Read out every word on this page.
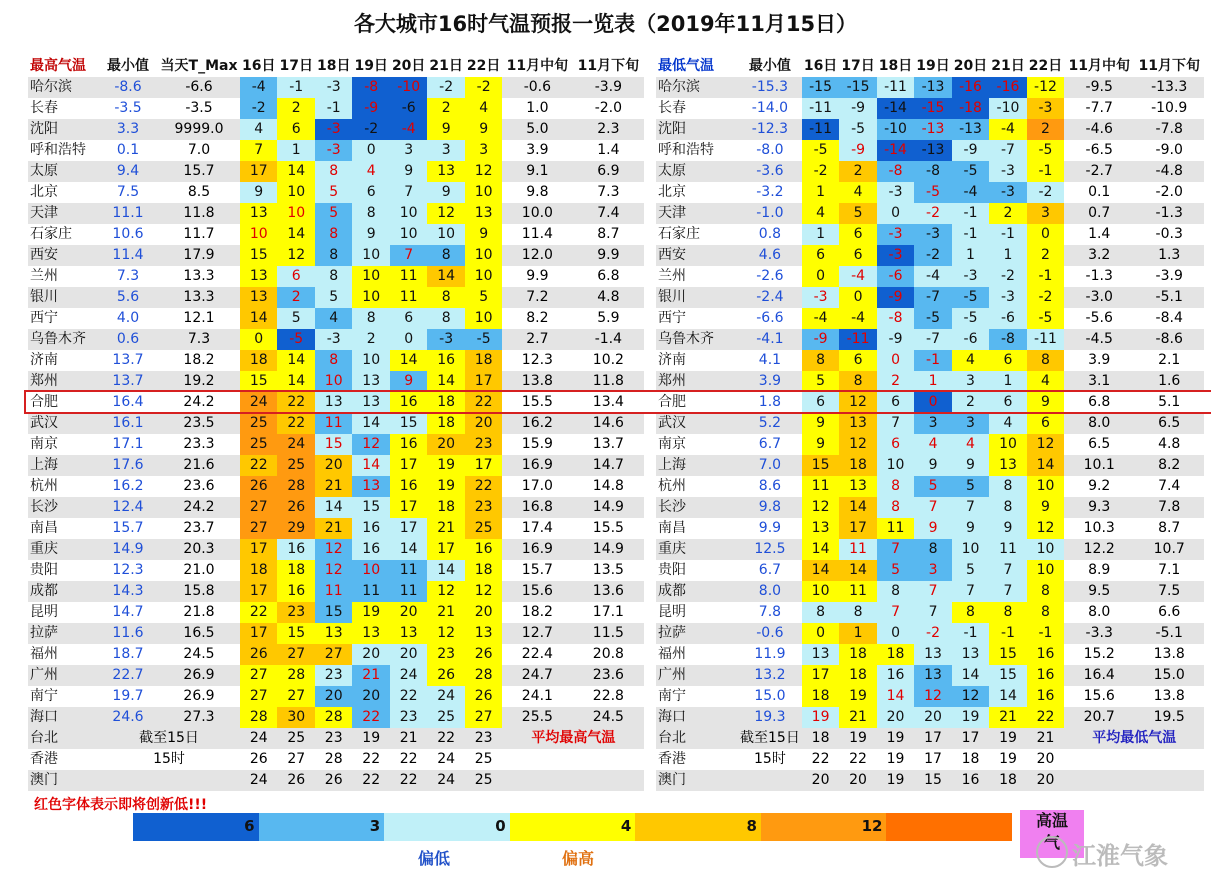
各大城市16时气温预报一览表（2019年11月15日）
最高气温	最小值	当天T_Max	16日	17日	18日	19日	20日	21日	22日	11月中旬	11月下旬
哈尔滨	-8.6	-6.6	-4	-1	-3	-8	-10	-2	-2	-0.6	-3.9
长春	-3.5	-3.5	-2	2	-1	-9	-6	2	4	1.0	-2.0
沈阳	3.3	9999.0	4	6	-3	-2	-4	9	9	5.0	2.3
呼和浩特	0.1	7.0	7	1	-3	0	3	3	3	3.9	1.4
太原	9.4	15.7	17	14	8	4	9	13	12	9.1	6.9
北京	7.5	8.5	9	10	5	6	7	9	10	9.8	7.3
天津	11.1	11.8	13	10	5	8	10	12	13	10.0	7.4
石家庄	10.6	11.7	10	14	8	9	10	10	9	11.4	8.7
西安	11.4	17.9	15	12	8	10	7	8	10	12.0	9.9
兰州	7.3	13.3	13	6	8	10	11	14	10	9.9	6.8
银川	5.6	13.3	13	2	5	10	11	8	5	7.2	4.8
西宁	4.0	12.1	14	5	4	8	6	8	10	8.2	5.9
乌鲁木齐	0.6	7.3	0	-5	-3	2	0	-3	-5	2.7	-1.4
济南	13.7	18.2	18	14	8	10	14	16	18	12.3	10.2
郑州	13.7	19.2	15	14	10	13	9	14	17	13.8	11.8
合肥	16.4	24.2	24	22	13	13	16	18	22	15.5	13.4
武汉	16.1	23.5	25	22	11	14	15	18	20	16.2	14.6
南京	17.1	23.3	25	24	15	12	16	20	23	15.9	13.7
上海	17.6	21.6	22	25	20	14	17	19	17	16.9	14.7
杭州	16.2	23.6	26	28	21	13	16	19	22	17.0	14.8
长沙	12.4	24.2	27	26	14	15	17	18	23	16.8	14.9
南昌	15.7	23.7	27	29	21	16	17	21	25	17.4	15.5
重庆	14.9	20.3	17	16	12	16	14	17	16	16.9	14.9
贵阳	12.3	21.0	18	18	12	10	11	14	18	15.7	13.5
成都	14.3	15.8	17	16	11	11	11	12	12	15.6	13.6
昆明	14.7	21.8	22	23	15	19	20	21	20	18.2	17.1
拉萨	11.6	16.5	17	15	13	13	13	12	13	12.7	11.5
福州	18.7	24.5	26	27	27	20	20	23	26	22.4	20.8
广州	22.7	26.9	27	28	23	21	24	26	28	24.7	23.6
南宁	19.7	26.9	27	27	20	20	22	24	26	24.1	22.8
海口	24.6	27.3	28	30	28	22	23	25	27	25.5	24.5
台北	截至15日		24	25	23	19	21	22	23	平均最高气温	
香港	15时		26	27	28	22	22	24	25		
澳门			24	26	26	22	22	24	25		
最低气温	最小值	16日	17日	18日	19日	20日	21日	22日	11月中旬	11月下旬
哈尔滨	-15.3	-15	-15	-11	-13	-16	-16	-12	-9.5	-13.3
长春	-14.0	-11	-9	-14	-15	-18	-10	-3	-7.7	-10.9
沈阳	-12.3	-11	-5	-10	-13	-13	-4	2	-4.6	-7.8
呼和浩特	-8.0	-5	-9	-14	-13	-9	-7	-5	-6.5	-9.0
太原	-3.6	-2	2	-8	-8	-5	-3	-1	-2.7	-4.8
北京	-3.2	1	4	-3	-5	-4	-3	-2	0.1	-2.0
天津	-1.0	4	5	0	-2	-1	2	3	0.7	-1.3
石家庄	0.8	1	6	-3	-3	-1	-1	0	1.4	-0.3
西安	4.6	6	6	-3	-2	1	1	2	3.2	1.3
兰州	-2.6	0	-4	-6	-4	-3	-2	-1	-1.3	-3.9
银川	-2.4	-3	0	-9	-7	-5	-3	-2	-3.0	-5.1
西宁	-6.6	-4	-4	-8	-5	-5	-6	-5	-5.6	-8.4
乌鲁木齐	-4.1	-9	-11	-9	-7	-6	-8	-11	-4.5	-8.6
济南	4.1	8	6	0	-1	4	6	8	3.9	2.1
郑州	3.9	5	8	2	1	3	1	4	3.1	1.6
合肥	1.8	6	12	6	0	2	6	9	6.8	5.1
武汉	5.2	9	13	7	3	3	4	6	8.0	6.5
南京	6.7	9	12	6	4	4	10	12	6.5	4.8
上海	7.0	15	18	10	9	9	13	14	10.1	8.2
杭州	8.6	11	13	8	5	5	8	10	9.2	7.4
长沙	9.8	12	14	8	7	7	8	9	9.3	7.8
南昌	9.9	13	17	11	9	9	9	12	10.3	8.7
重庆	12.5	14	11	7	8	10	11	10	12.2	10.7
贵阳	6.7	14	14	5	3	5	7	10	8.9	7.1
成都	8.0	10	11	8	7	7	7	8	9.5	7.5
昆明	7.8	8	8	7	7	8	8	8	8.0	6.6
拉萨	-0.6	0	1	0	-2	-1	-1	-1	-3.3	-5.1
福州	11.9	13	18	18	13	13	15	16	15.2	13.8
广州	13.2	17	18	16	13	14	15	16	16.4	15.0
南宁	15.0	18	19	14	12	12	14	16	15.6	13.8
海口	19.3	19	21	20	20	19	21	22	20.7	19.5
台北	截至15日	18	19	19	17	17	19	21	平均最低气温	
香港	15时	22	22	19	17	18	19	20		
澳门		20	20	19	15	16	18	20		
红色字体表示即将创新低!!!
6	3	0	4	8	12
偏低	偏高
高温
气 江淮气象
